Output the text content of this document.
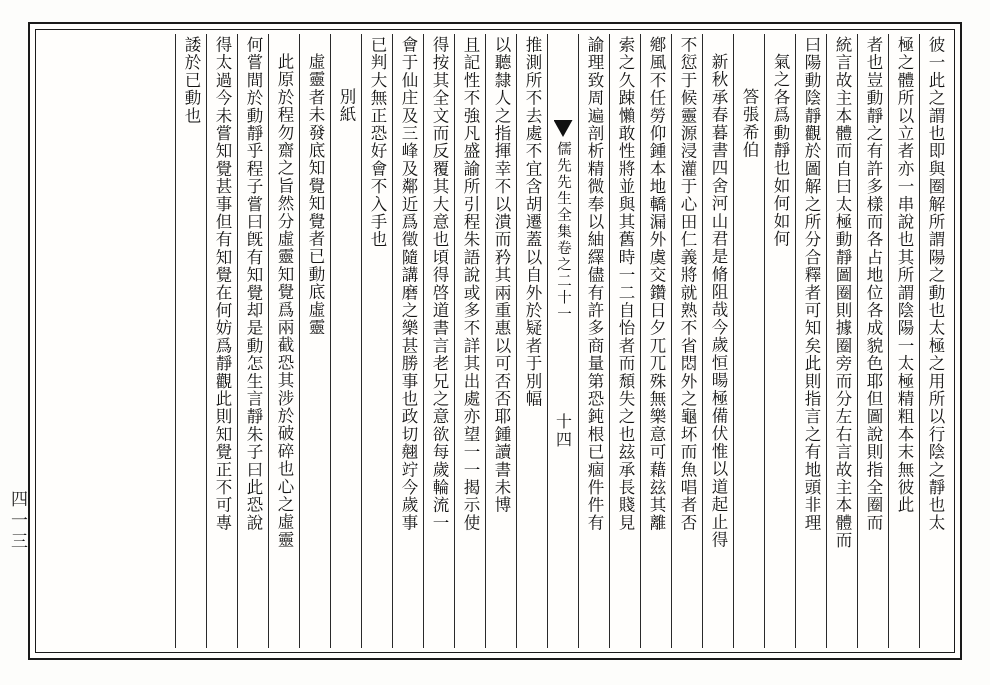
四一三	彼一此之謂也即與圈解所謂陽之動也太極之用所以行陰之靜也太
極之體所以立者亦一串說也其所謂陰陽一太極精粗本末無彼此
者也豈動靜之有許多樣而各占地位各成貌色耶但圖說則指全圈而
統言故主本體而自曰太極動靜圖圈則據圈旁而分左右言故主本體而
曰陽動陰靜觀於圖解之所分合釋者可知矣此則指言之有地頭非理
氣之各爲動靜也如何如何
答張希伯
新秋承春暮書四舍河山君是脩阻哉今歲恒暘極備伏惟以道起止得
不愆于候靈源浸灌于心田仁義將就熟不省悶外之龜坏而魚唱者否
鄕風不任勞仰鍾本地轎漏外虞交鑽日夕兀兀殊無樂意可藉玆其離
索之久踈懶敢性將並與其舊時一二自怡者而頹失之也玆承長賤見
諭理致周遍剖析精微奉以紬繹儘有許多商量第恐鈍根已痼件件有
儒先先生全集卷之二十一
十四
推測所不去處不宜含胡遷蓋以自外於疑者于別幅
以聽隸人之指揮幸不以潰而矜其兩重惠以可否否耶鍾讀書未博
且記性不強凡盛諭所引程朱語說或多不詳其出處亦望一一揭示使
得按其全文而反覆其大意也頃得啓道書言老兄之意欲每歲輪流一
會于仙庄及三峰及鄰近爲徵隨講磨之樂甚勝事也政切翹竚今歲事
已判大無正恐好會不入手也
別紙
虛靈者未發底知覺知覺者已動底虛靈
此原於程勿齋之旨然分虛靈知覺爲兩截恐其涉於破碎也心之虛靈
何嘗間於動靜乎程子嘗曰旣有知覺却是動怎生言靜朱子曰此恐說
得太過今未嘗知覺甚事但有知覺在何妨爲靜觀此則知覺正不可專
諉於已動也
